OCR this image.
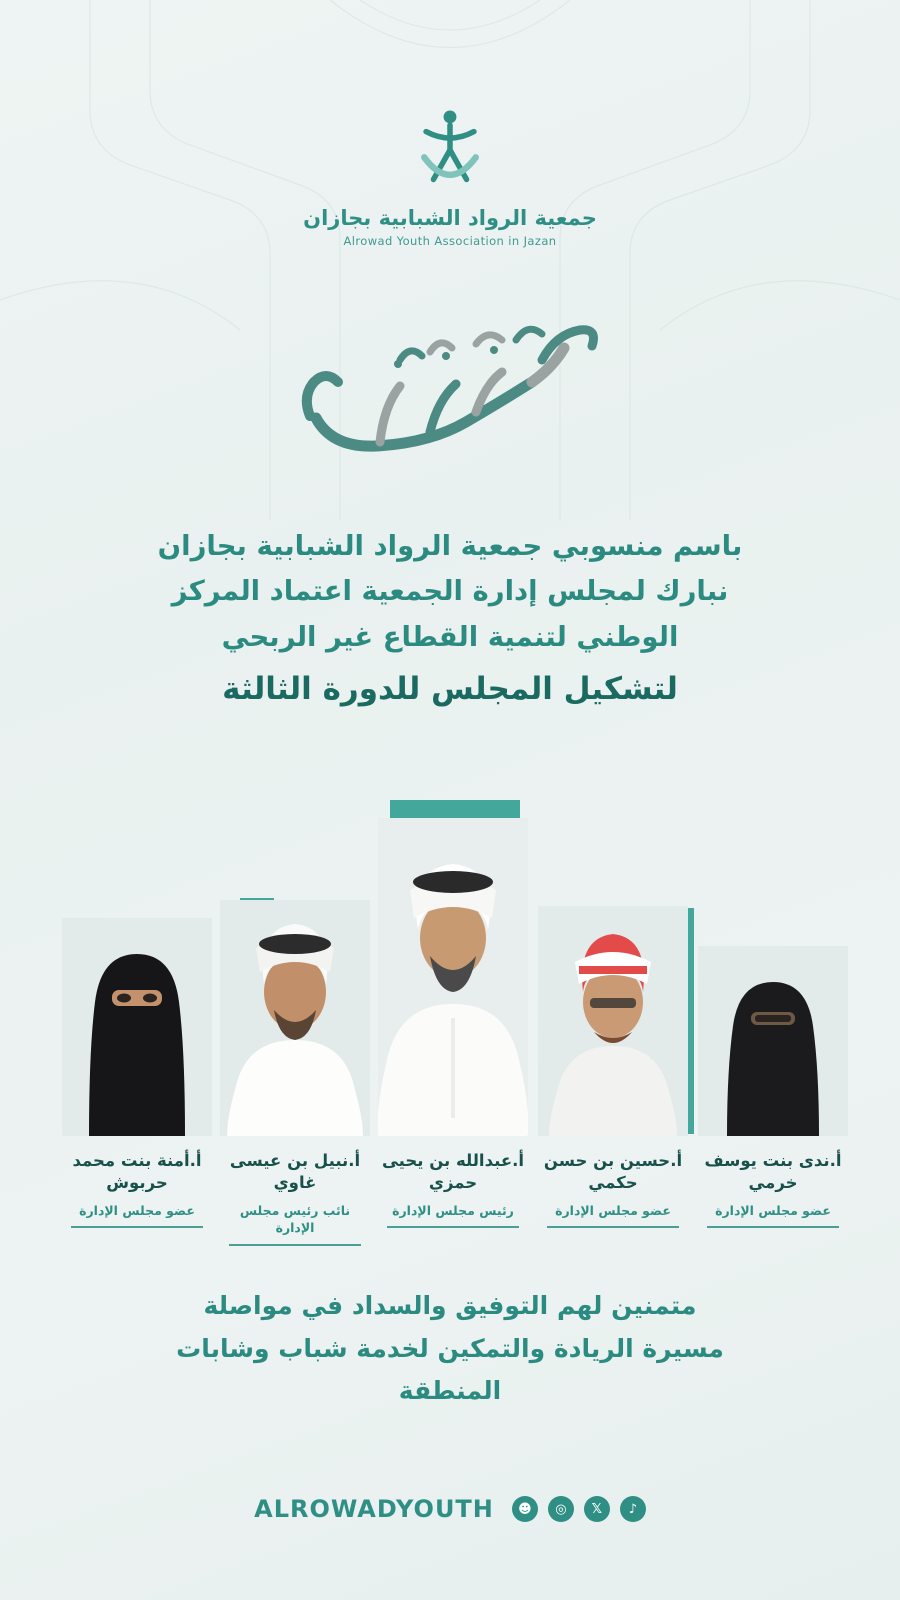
جمعية الرواد الشبابية بجازان
Alrowad Youth Association in Jazan
باسم منسوبي جمعية الرواد الشبابية بجازان
نبارك لمجلس إدارة الجمعية اعتماد المركز
الوطني لتنمية القطاع غير الربحي
لتشكيل المجلس للدورة الثالثة
أ.ندى بنت يوسف خرمي
عضو مجلس الإدارة
أ.حسين بن حسن حكمي
عضو مجلس الإدارة
أ.عبدالله بن يحيى حمزي
رئيس مجلس الإدارة
أ.نبيل بن عيسى غاوي
نائب رئيس مجلس الإدارة
أ.أمنة بنت محمد حربوش
عضو مجلس الإدارة
متمنين لهم التوفيق والسداد في مواصلة
مسيرة الريادة والتمكين لخدمة شباب وشابات
المنطقة
♪
𝕏
◎
☻
ALROWADYOUTH
